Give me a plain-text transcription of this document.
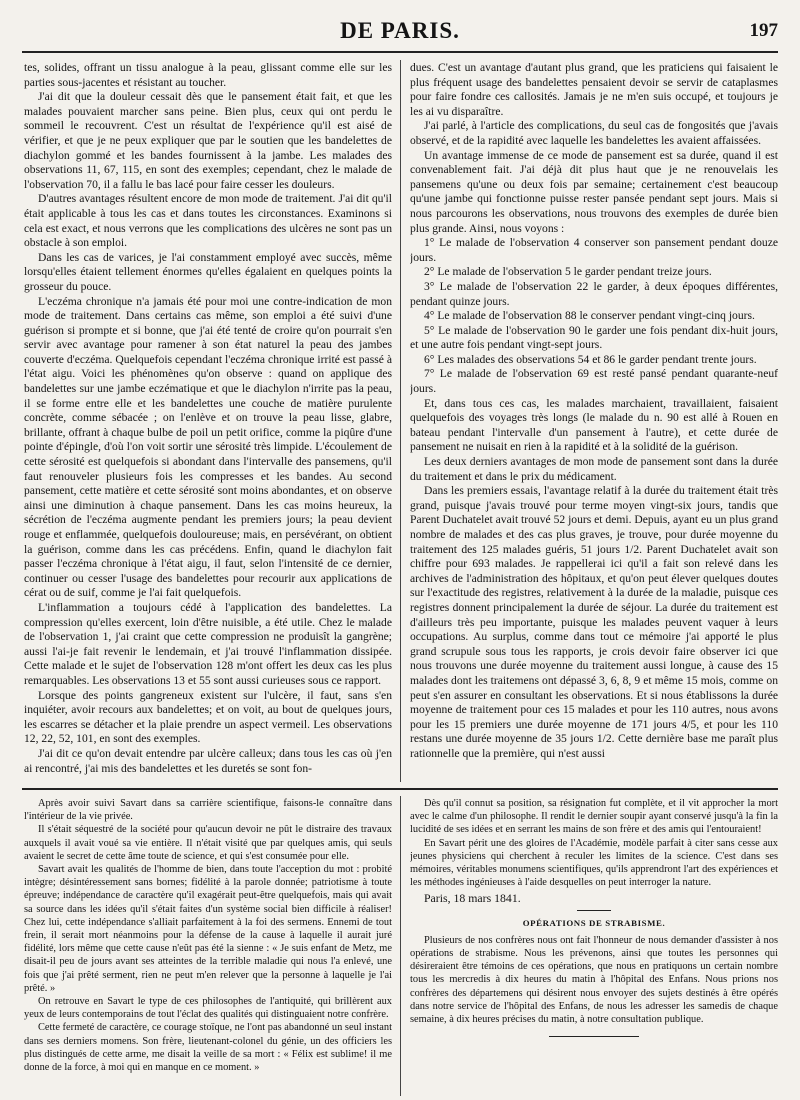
DE PARIS.	197

tes, solides, offrant un tissu analogue à la peau, glissant comme elle sur les parties sous-jacentes et résistant au toucher.

J'ai dit que la douleur cessait dès que le pansement était fait, et que les malades pouvaient marcher sans peine. Bien plus, ceux qui ont perdu le sommeil le recouvrent. C'est un résultat de l'expérience qu'il est aisé de vérifier, et que je ne peux expliquer que par le soutien que les bandelettes de diachylon gommé et les bandes fournissent à la jambe. Les malades des observations 11, 67, 115, en sont des exemples; cependant, chez le malade de l'observation 70, il a fallu le bas lacé pour faire cesser les douleurs.

D'autres avantages résultent encore de mon mode de traitement. J'ai dit qu'il était applicable à tous les cas et dans toutes les circonstances. Examinons si cela est exact, et nous verrons que les complications des ulcères ne sont pas un obstacle à son emploi.

Dans les cas de varices, je l'ai constamment employé avec succès, même lorsqu'elles étaient tellement énormes qu'elles égalaient en quelques points la grosseur du pouce.

L'eczéma chronique n'a jamais été pour moi une contre-indication de mon mode de traitement. Dans certains cas même, son emploi a été suivi d'une guérison si prompte et si bonne, que j'ai été tenté de croire qu'on pourrait s'en servir avec avantage pour ramener à son état naturel la peau des jambes couverte d'eczéma. Quelquefois cependant l'eczéma chronique irrité est passé à l'état aigu. Voici les phénomènes qu'on observe : quand on applique des bandelettes sur une jambe eczématique et que le diachylon n'irrite pas la peau, il se forme entre elle et les bandelettes une couche de matière purulente concrète, comme sébacée ; on l'enlève et on trouve la peau lisse, glabre, brillante, offrant à chaque bulbe de poil un petit orifice, comme la piqûre d'une pointe d'épingle, d'où l'on voit sortir une sérosité très limpide. L'écoulement de cette sérosité est quelquefois si abondant dans l'intervalle des pansemens, qu'il faut renouveler plusieurs fois les compresses et les bandes. Au second pansement, cette matière et cette sérosité sont moins abondantes, et on observe ainsi une diminution à chaque pansement. Dans les cas moins heureux, la sécrétion de l'eczéma augmente pendant les premiers jours; la peau devient rouge et enflammée, quelquefois douloureuse; mais, en persévérant, on obtient la guérison, comme dans les cas précédens. Enfin, quand le diachylon fait passer l'eczéma chronique à l'état aigu, il faut, selon l'intensité de ce dernier, continuer ou cesser l'usage des bandelettes pour recourir aux applications de cérat ou de suif, comme je l'ai fait quelquefois.

L'inflammation a toujours cédé à l'application des bandelettes. La compression qu'elles exercent, loin d'être nuisible, a été utile. Chez le malade de l'observation 1, j'ai craint que cette compression ne produisît la gangrène; aussi l'ai-je fait revenir le lendemain, et j'ai trouvé l'inflammation dissipée. Cette malade et le sujet de l'observation 128 m'ont offert les deux cas les plus remarquables. Les observations 13 et 55 sont aussi curieuses sous ce rapport.

Lorsque des points gangreneux existent sur l'ulcère, il faut, sans s'en inquiéter, avoir recours aux bandelettes; et on voit, au bout de quelques jours, les escarres se détacher et la plaie prendre un aspect vermeil. Les observations 12, 22, 52, 101, en sont des exemples.

J'ai dit ce qu'on devait entendre par ulcère calleux; dans tous les cas où j'en ai rencontré, j'ai mis des bandelettes et les duretés se sont fon-

dues. C'est un avantage d'autant plus grand, que les praticiens qui faisaient le plus fréquent usage des bandelettes pensaient devoir se servir de cataplasmes pour faire fondre ces callosités. Jamais je ne m'en suis occupé, et toujours je les ai vu disparaître.

J'ai parlé, à l'article des complications, du seul cas de fongosités que j'avais observé, et de la rapidité avec laquelle les bandelettes les avaient affaissées.

Un avantage immense de ce mode de pansement est sa durée, quand il est convenablement fait. J'ai déjà dit plus haut que je ne renouvelais les pansemens qu'une ou deux fois par semaine; certainement c'est beaucoup qu'une jambe qui fonctionne puisse rester pansée pendant sept jours. Mais si nous parcourons les observations, nous trouvons des exemples de durée bien plus grande. Ainsi, nous voyons :

1° Le malade de l'observation 4 conserver son pansement pendant douze jours.

2° Le malade de l'observation 5 le garder pendant treize jours.

3° Le malade de l'observation 22 le garder, à deux époques différentes, pendant quinze jours.

4° Le malade de l'observation 88 le conserver pendant vingt-cinq jours.

5° Le malade de l'observation 90 le garder une fois pendant dix-huit jours, et une autre fois pendant vingt-sept jours.

6° Les malades des observations 54 et 86 le garder pendant trente jours.

7° Le malade de l'observation 69 est resté pansé pendant quarante-neuf jours.

Et, dans tous ces cas, les malades marchaient, travaillaient, faisaient quelquefois des voyages très longs (le malade du n. 90 est allé à Rouen en bateau pendant l'intervalle d'un pansement à l'autre), et cette durée de pansement ne nuisait en rien à la rapidité et à la solidité de la guérison.

Les deux derniers avantages de mon mode de pansement sont dans la durée du traitement et dans le prix du médicament.

Dans les premiers essais, l'avantage relatif à la durée du traitement était très grand, puisque j'avais trouvé pour terme moyen vingt-six jours, tandis que Parent Duchatelet avait trouvé 52 jours et demi. Depuis, ayant eu un plus grand nombre de malades et des cas plus graves, je trouve, pour durée moyenne du traitement des 125 malades guéris, 51 jours 1/2. Parent Duchatelet avait son chiffre pour 693 malades. Je rappellerai ici qu'il a fait son relevé dans les archives de l'administration des hôpitaux, et qu'on peut élever quelques doutes sur l'exactitude des registres, relativement à la durée de la maladie, puisque ces registres donnent principalement la durée de séjour. La durée du traitement est d'ailleurs très peu importante, puisque les malades peuvent vaquer à leurs occupations. Au surplus, comme dans tout ce mémoire j'ai apporté le plus grand scrupule sous tous les rapports, je crois devoir faire observer ici que nous trouvons une durée moyenne du traitement aussi longue, à cause des 15 malades dont les traitemens ont dépassé 3, 6, 8, 9 et même 15 mois, comme on peut s'en assurer en consultant les observations. Et si nous établissons la durée moyenne de traitement pour ces 15 malades et pour les 110 autres, nous avons pour les 15 premiers une durée moyenne de 171 jours 4/5, et pour les 110 restans une durée moyenne de 35 jours 1/2. Cette dernière base me paraît plus rationnelle que la première, qui n'est aussi

Après avoir suivi Savart dans sa carrière scientifique, faisons-le connaître dans l'intérieur de la vie privée.

Il s'était séquestré de la société pour qu'aucun devoir ne pût le distraire des travaux auxquels il avait voué sa vie entière. Il n'était visité que par quelques amis, qui seuls avaient le secret de cette âme toute de science, et qui s'est consumée pour elle.

Savart avait les qualités de l'homme de bien, dans toute l'acception du mot : probité intègre; désintéressement sans bornes; fidélité à la parole donnée; patriotisme à toute épreuve; indépendance de caractère qu'il exagérait peut-être quelquefois, mais qui avait sa source dans les idées qu'il s'était faites d'un système social bien difficile à réaliser! Chez lui, cette indépendance s'alliait parfaitement à la foi des sermens. Ennemi de tout frein, il serait mort néanmoins pour la défense de la cause à laquelle il aurait juré fidélité, lors même que cette cause n'eût pas été la sienne : « Je suis enfant de Metz, me disait-il peu de jours avant ses atteintes de la terrible maladie qui nous l'a enlevé, une fois que j'ai prêté serment, rien ne peut m'en relever que la personne à laquelle je l'ai prêté. »

On retrouve en Savart le type de ces philosophes de l'antiquité, qui brillèrent aux yeux de leurs contemporains de tout l'éclat des qualités qui distinguaient notre confrère.

Cette fermeté de caractère, ce courage stoïque, ne l'ont pas abandonné un seul instant dans ses derniers momens. Son frère, lieutenant-colonel du génie, un des officiers les plus distingués de cette arme, me disait la veille de sa mort : « Félix est sublime! il me donne de la force, à moi qui en manque en ce moment. »

Dès qu'il connut sa position, sa résignation fut complète, et il vit approcher la mort avec le calme d'un philosophe. Il rendit le dernier soupir ayant conservé jusqu'à la fin la lucidité de ses idées et en serrant les mains de son frère et des amis qui l'entouraient!

En Savart périt une des gloires de l'Académie, modèle parfait à citer sans cesse aux jeunes physiciens qui cherchent à reculer les limites de la science. C'est dans ses mémoires, véritables monumens scientifiques, qu'ils apprendront l'art des expériences et les méthodes ingénieuses à l'aide desquelles on peut interroger la nature.

Paris, 18 mars 1841.

OPÉRATIONS DE STRABISME.

Plusieurs de nos confrères nous ont fait l'honneur de nous demander d'assister à nos opérations de strabisme. Nous les prévenons, ainsi que toutes les personnes qui désireraient être témoins de ces opérations, que nous en pratiquons un certain nombre tous les mercredis à dix heures du matin à l'hôpital des Enfans. Nous prions nos confrères des départemens qui désirent nous envoyer des sujets destinés à être opérés dans notre service de l'hôpital des Enfans, de nous les adresser les samedis de chaque semaine, à dix heures précises du matin, à notre consultation publique.
